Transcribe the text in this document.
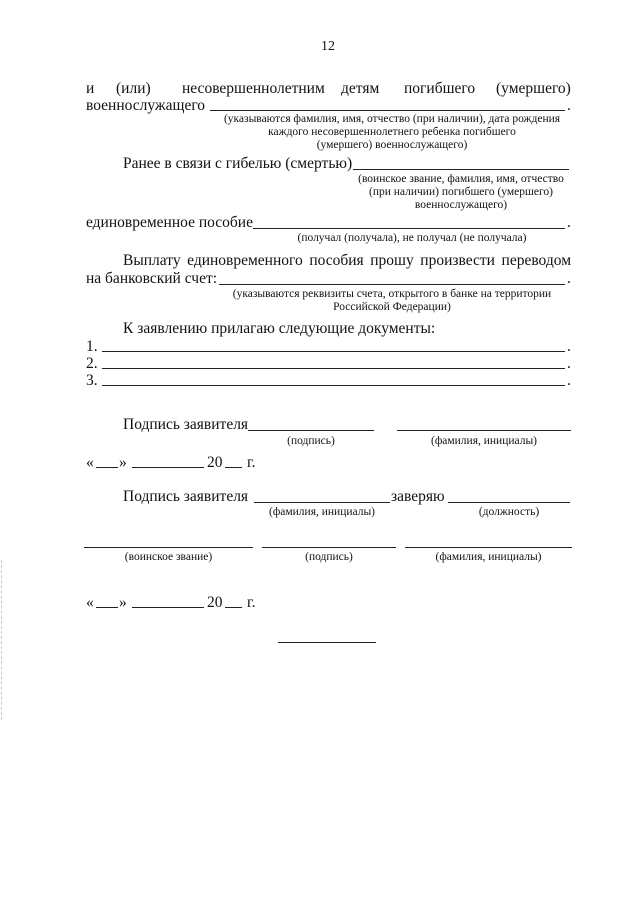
12
и (или) несовершеннолетним детям погибшего (умершего)
военнослужащего	.
(указываются фамилия, имя, отчество (при наличии), дата рождения
каждого несовершеннолетнего ребенка погибшего
(умершего) военнослужащего)
Ранее в связи с гибелью (смертью)
(воинское звание, фамилия, имя, отчество
(при наличии) погибшего (умершего)
военнослужащего)
единовременное пособие	.
(получал (получала), не получал (не получала)
Выплату единовременного пособия прошу произвести переводом
на банковский счет:	.
(указываются реквизиты счета, открытого в банке на территории
Российской Федерации)
К заявлению прилагаю следующие документы:
1.	.
2.	.
3.	.
Подпись заявителя
(подпись)	(фамилия, инициалы)
« »	20 г.
Подпись заявителя	заверяю
(фамилия, инициалы)	(должность)
(воинское звание)	(подпись)	(фамилия, инициалы)
« »	20 г.
